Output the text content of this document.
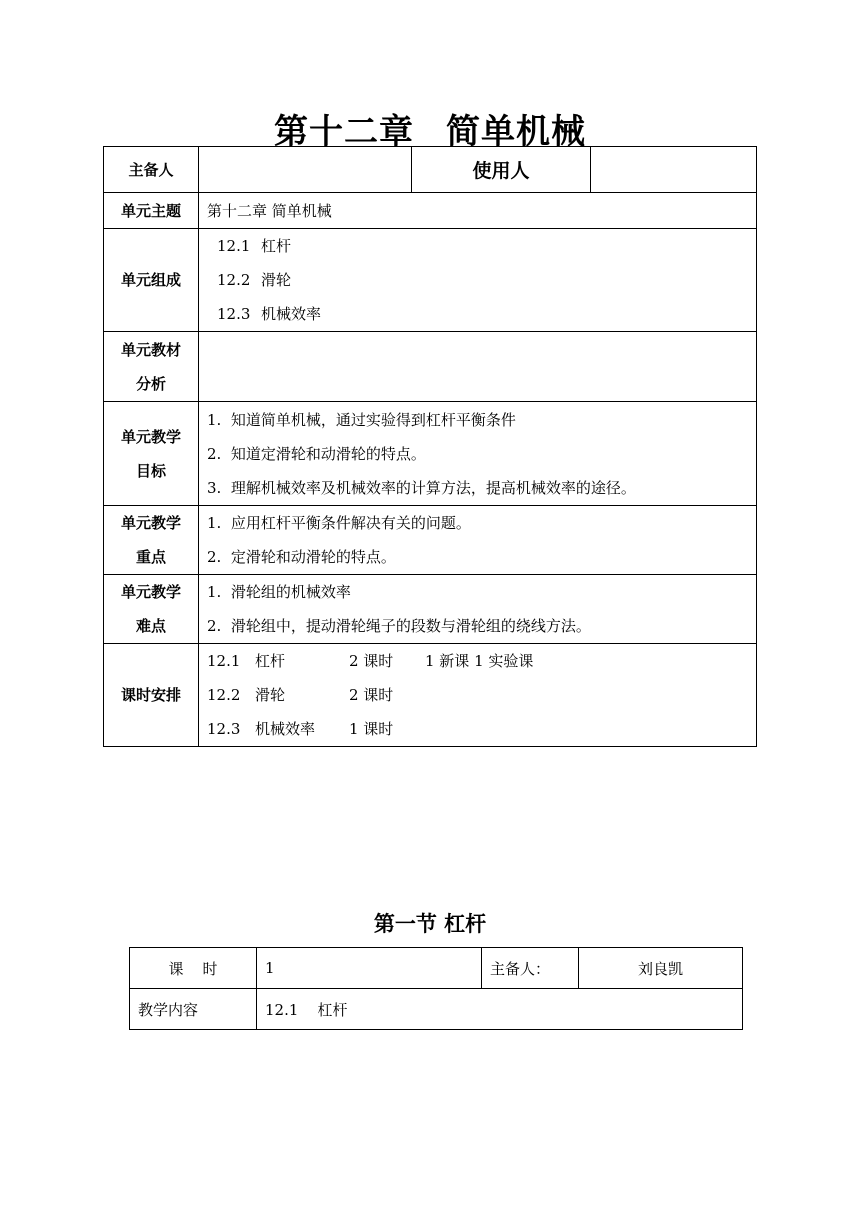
第十二章 简单机械
主备人		使用人	
单元主题	第十二章 简单机械		

单元组成	12.1 杠杆
12.2 滑轮
12.3 机械效率		

单元教材
分析			

单元教学
目标	1.  知道简单机械，通过实验得到杠杆平衡条件
2.  知道定滑轮和动滑轮的特点。
3.  理解机械效率及机械效率的计算方法，提高机械效率的途径。		

单元教学
重点	1.  应用杠杆平衡条件解决有关的问题。
2.  定滑轮和动滑轮的特点。		

单元教学
难点	1.  滑轮组的机械效率
2.  滑轮组中，提动滑轮绳子的段数与滑轮组的绕线方法。		

课时安排	12.1 杠杆 2 课时 1 新课 1 实验课
12.2 滑轮 2 课时
12.3 机械效率 1 课时		
第一节 杠杆
课    时	1	主备人：	刘良凯
教学内容	12.1    杠杆		
